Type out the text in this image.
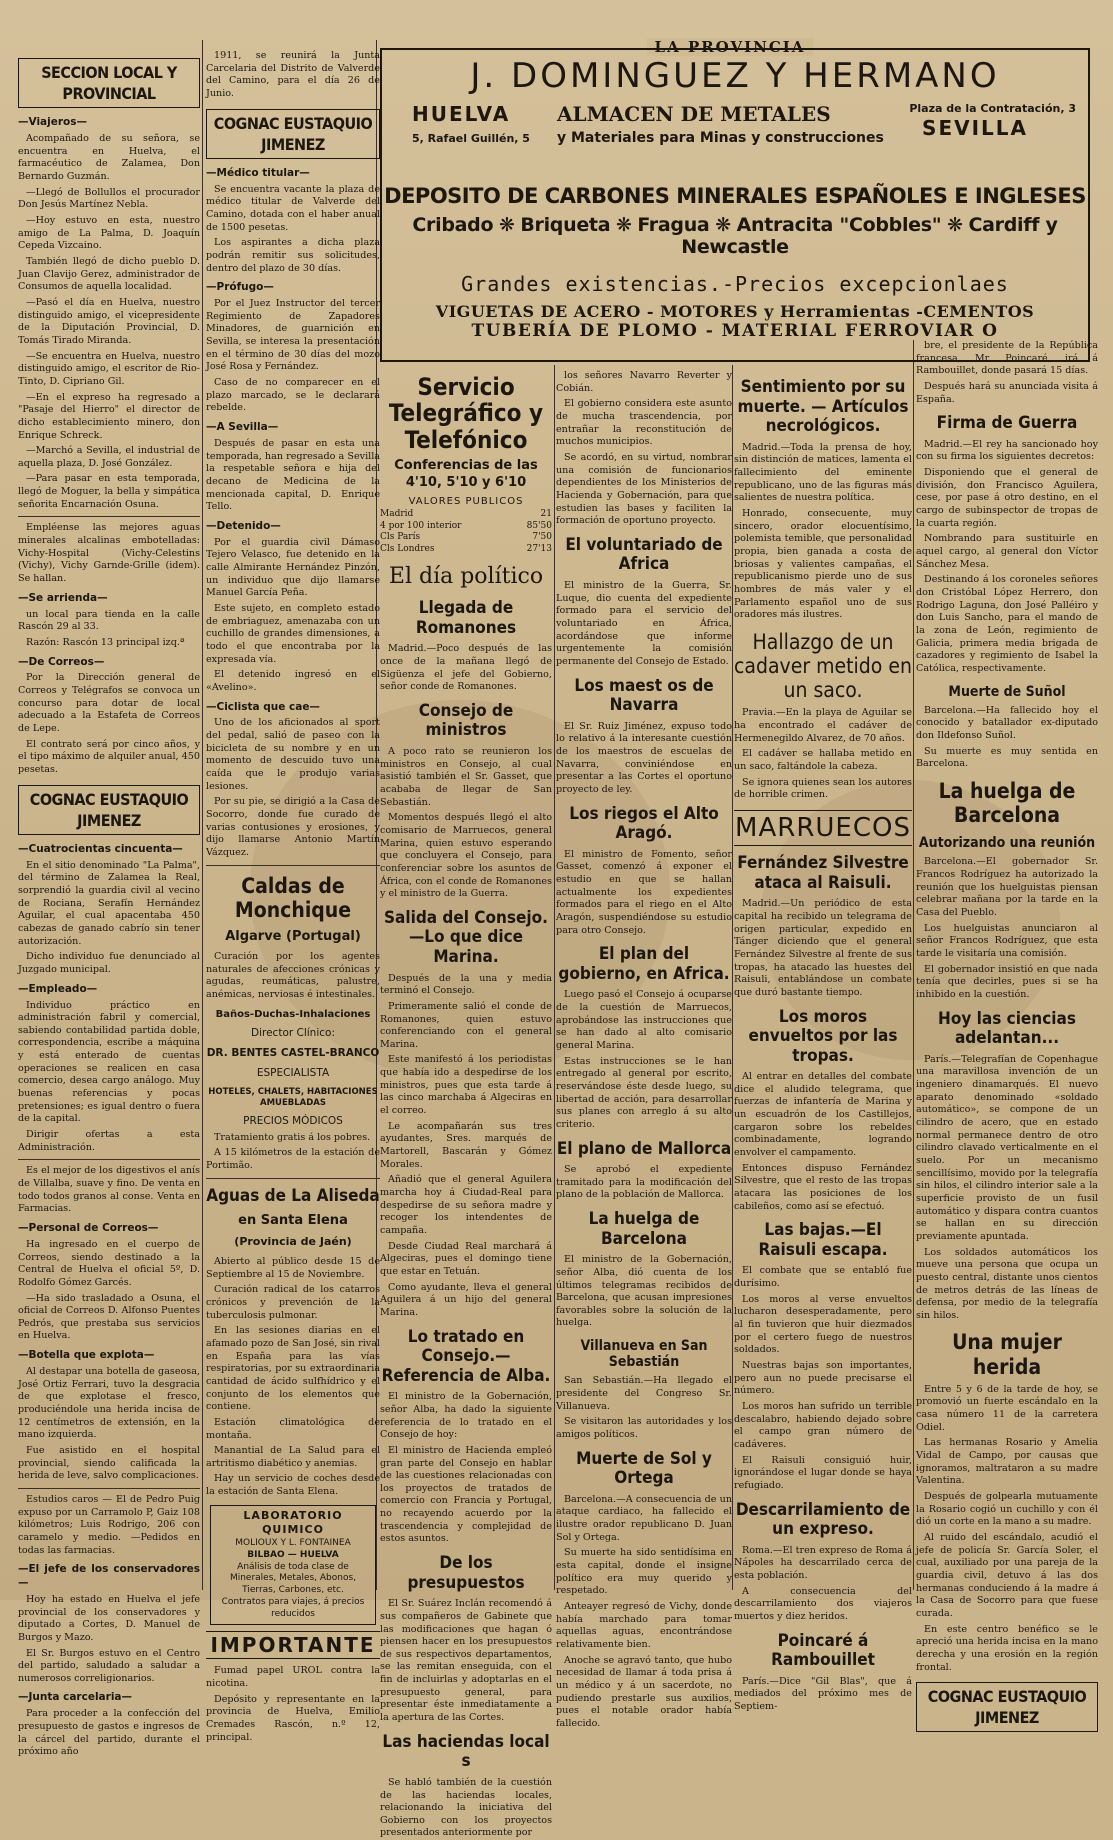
LA PROVINCIA
J. DOMINGUEZ Y HERMANO
HUELVA ALMACEN DE METALES	Plaza de la Contratación, 3
SEVILLA
5, Rafael Guillén, 5 y Materiales para Minas y construcciones
DEPOSITO DE CARBONES MINERALES ESPAÑOLES E INGLESES
Cribado ❋ Briqueta ❋ Fragua ❋ Antracita "Cobbles" ❋ Cardiff y Newcastle
Grandes existencias.-Precios excepcionlaes
VIGUETAS DE ACERO - MOTORES y Herramientas -CEMENTOS
TUBERÍA DE PLOMO - MATERIAL FERROVIAR O
SECCION LOCAL Y PROVINCIAL
—Viajeros—

Acompañado de su señora, se encuentra en Huelva, el farmacéutico de Zalamea, Don Bernardo Guzmán.

—Llegó de Bollullos el procurador Don Jesús Martínez Nebla.

—Hoy estuvo en esta, nuestro amigo de La Palma, D. Joaquín Cepeda Vizcaino.

También llegó de dicho pueblo D. Juan Clavijo Gerez, administrador de Consumos de aquella localidad.

—Pasó el día en Huelva, nuestro distinguido amigo, el vicepresidente de la Diputación Provincial, D. Tomás Tirado Miranda.

—Se encuentra en Huelva, nuestro distinguido amigo, el escritor de Rio-Tinto, D. Cipriano Gil.

—En el expreso ha regresado a "Pasaje del Hierro" el director de dicho establecimiento minero, don Enrique Schreck.

—Marchó a Sevilla, el industrial de aquella plaza, D. José González.

—Para pasar en esta temporada, llegó de Moguer, la bella y simpática señorita Encarnación Osuna.

Empléense las mejores aguas minerales alcalinas embotelladas: Vichy-Hospital (Vichy-Celestins (Vichy), Vichy Garnde-Grille (idem). Se hallan.

—Se arrienda—

un local para tienda en la calle Rascón 29 al 33.

Razón: Rascón 13 principal izq.ª

—De Correos—

Por la Dirección general de Correos y Telégrafos se convoca un concurso para dotar de local adecuado a la Estafeta de Correos de Lepe.

El contrato será por cinco años, y el tipo máximo de alquiler anual, 450 pesetas.

COGNAC EUSTAQUIO JIMENEZ
—Cuatrocientas cincuenta—

En el sitio denominado "La Palma", del término de Zalamea la Real, sorprendió la guardia civil al vecino de Rociana, Serafín Hernández Aguilar, el cual apacentaba 450 cabezas de ganado cabrío sin tener autorización.

Dicho individuo fue denunciado al Juzgado municipal.

—Empleado—

Individuo práctico en administración fabril y comercial, sabiendo contabilidad partida doble, correspondencia, escribe a máquina y está enterado de cuentas operaciones se realicen en casa comercio, desea cargo análogo. Muy buenas referencias y pocas pretensiones; es igual dentro o fuera de la capital.

Dirigir ofertas a esta Administración.

Es el mejor de los digestivos el anís de Villalba, suave y fino. De venta en todo todos granos al conse. Venta en Farmacias.

—Personal de Correos—

Ha ingresado en el cuerpo de Correos, siendo destinado a la Central de Huelva el oficial 5º, D. Rodolfo Gómez Garcés.

—Ha sido trasladado a Osuna, el oficial de Correos D. Alfonso Puentes Pedrós, que prestaba sus servicios en Huelva.

—Botella que explota—

Al destapar una botella de gaseosa, José Ortiz Ferrari, tuvo la desgracia de que explotase el fresco, produciéndole una herida incisa de 12 centímetros de extensión, en la mano izquierda.

Fue asistido en el hospital provincial, siendo calificada la herida de leve, salvo complicaciones.

Estudios caros — El de Pedro Puig expuso por un Carramolo P, Gaiz 108 kilómetros; Luis Rodrigo, 206 con caramelo y medio. —Pedidos en todas las farmacias.

—El jefe de los conservadores—

Hoy ha estado en Huelva el jefe provincial de los conservadores y diputado a Cortes, D. Manuel de Burgos y Mazo.

El Sr. Burgos estuvo en el Centro del partido, saludado a saludar a numerosos correligionarios.

—Junta carcelaria—

Para proceder a la confección del presupuesto de gastos e ingresos de la cárcel del partido, durante el próximo año

1911, se reunirá la Junta Carcelaria del Distrito de Valverde del Camino, para el día 26 de Junio.

COGNAC EUSTAQUIO JIMENEZ
—Médico titular—

Se encuentra vacante la plaza de médico titular de Valverde del Camino, dotada con el haber anual de 1500 pesetas.

Los aspirantes a dicha plaza podrán remitir sus solicitudes, dentro del plazo de 30 días.

—Prófugo—

Por el Juez Instructor del tercer Regimiento de Zapadores Minadores, de guarnición en Sevilla, se interesa la presentación en el término de 30 días del mozo José Rosa y Fernández.

Caso de no comparecer en el plazo marcado, se le declarará rebelde.

—A Sevilla—

Después de pasar en esta una temporada, han regresado a Sevilla la respetable señora e hija del decano de Medicina de la mencionada capital, D. Enrique Tello.

—Detenido—

Por el guardia civil Dámaso Tejero Velasco, fue detenido en la calle Almirante Hernández Pinzón, un individuo que dijo llamarse Manuel García Peña.

Este sujeto, en completo estado de embriaguez, amenazaba con un cuchillo de grandes dimensiones, a todo el que encontraba por la expresada vía.

El detenido ingresó en el «Avelino».

—Ciclista que cae—

Uno de los aficionados al sport del pedal, salió de paseo con la bicicleta de su nombre y en un momento de descuido tuvo una caída que le produjo varias lesiones.

Por su pie, se dirigió a la Casa de Socorro, donde fue curado de varias contusiones y erosiones, y dijo llamarse Antonio Martín Vázquez.

Caldas de Monchique
Algarve (Portugal)

Curación por los agentes naturales de afecciones crónicas y agudas, reumáticas, palustre, anémicas, nerviosas é intestinales.

Baños-Duchas-Inhalaciones
Director Clínico:
DR. BENTES CASTEL-BRANCO
ESPECIALISTA
HOTELES, CHALETS, HABITACIONES AMUEBLADAS
PRECIOS MÓDICOS

Tratamiento gratis á los pobres.

A 15 kilómetros de la estación de Portimão.

Aguas de La Aliseda
en Santa Elena
(Provincia de Jaén)

Abierto al público desde 15 de Septiembre al 15 de Noviembre.

Curación radical de los catarros crónicos y prevención de la tuberculosis pulmonar.

En las sesiones diarias en el afamado pozo de San José, sin rival en España para las vías respiratorias, por su extraordinaria cantidad de ácido sulfhídrico y el conjunto de los elementos que contiene.

Estación climatológica de montaña.

Manantial de La Salud para el artritismo diabético y anemias.

Hay un servicio de coches desde la estación de Santa Elena.

LABORATORIO QUIMICO
MOLIOUX Y L. FONTAINEA
BILBAO — HUELVA
Análisis de toda clase de Minerales, Metales, Abonos, Tierras, Carbones, etc.
Contratos para viajes, á precios reducidos
IMPORTANTE

Fumad papel UROL contra la nicotina.

Depósito y representante en la provincia de Huelva, Emilio Cremades Rascón, n.º 12, principal.

Servicio Telegráfico y Telefónico
Conferencias de las 4'10, 5'10 y 6'10
VALORES PUBLICOS
Madrid	21
4 por 100 interior	85'50
Cls París	7'50
Cls Londres	27'13
El día político
Llegada de Romanones

Madrid.—Poco después de las once de la mañana llegó de Sigüenza el jefe del Gobierno, señor conde de Romanones.

Consejo de ministros

A poco rato se reunieron los ministros en Consejo, al cual asistió también el Sr. Gasset, que acababa de llegar de San Sebastián.

Momentos después llegó el alto comisario de Marruecos, general Marina, quien estuvo esperando que concluyera el Consejo, para conferenciar sobre los asuntos de África, con el conde de Romanones y el ministro de la Guerra.

Salida del Consejo.—Lo que dice Marina.

Después de la una y media terminó el Consejo.

Primeramente salió el conde de Romanones, quien estuvo conferenciando con el general Marina.

Este manifestó á los periodistas que había ido a despedirse de los ministros, pues que esta tarde á las cinco marchaba á Algeciras en el correo.

Le acompañarán sus tres ayudantes, Sres. marqués de Martorell, Bascarán y Gómez Morales.

Añadió que el general Aguilera marcha hoy á Ciudad-Real para despedirse de su señora madre y recoger los intendentes de campaña.

Desde Ciudad Real marchará á Algeciras, pues el domingo tiene que estar en Tetuán.

Como ayudante, lleva el general Aguilera á un hijo del general Marina.

Lo tratado en Consejo.—Referencia de Alba.

El ministro de la Gobernación, señor Alba, ha dado la siguiente referencia de lo tratado en el Consejo de hoy:

El ministro de Hacienda empleó gran parte del Consejo en hablar de las cuestiones relacionadas con los proyectos de tratados de comercio con Francia y Portugal, no recayendo acuerdo por la trascendencia y complejidad de estos asuntos.

De los presupuestos

El Sr. Suárez Inclán recomendó á sus compañeros de Gabinete que las modificaciones que hagan ó piensen hacer en los presupuestos de sus respectivos departamentos, se las remitan enseguida, con el fin de incluirlas y adoptarlas en el presupuesto general, para presentar éste inmediatamente a la apertura de las Cortes.

Las haciendas local s

Se habló también de la cuestión de las haciendas locales, relacionando la iniciativa del Gobierno con los proyectos presentados anteriormente por

los señores Navarro Reverter y Cobián.

El gobierno considera este asunto de mucha trascendencia, por entrañar la reconstitución de muchos municipios.

Se acordó, en su virtud, nombrar una comisión de funcionarios dependientes de los Ministerios de Hacienda y Gobernación, para que estudien las bases y faciliten la formación de oportuno proyecto.

El voluntariado de Africa

El ministro de la Guerra, Sr. Luque, dio cuenta del expediente formado para el servicio del voluntariado en África, acordándose que informe urgentemente la comisión permanente del Consejo de Estado.

Los maest os de Navarra

El Sr. Ruiz Jiménez, expuso todo lo relativo á la interesante cuestión de los maestros de escuelas de Navarra, conviniéndose en presentar a las Cortes el oportuno proyecto de ley.

Los riegos el Alto Aragó.

El ministro de Fomento, señor Gasset, comenzó á exponer el estudio en que se hallan actualmente los expedientes formados para el riego en el Alto Aragón, suspendiéndose su estudio para otro Consejo.

El plan del gobierno, en Africa.

Luego pasó el Consejo á ocuparse de la cuestión de Marruecos, aprobándose las instrucciones que se han dado al alto comisario general Marina.

Estas instrucciones se le han entregado al general por escrito, reservándose éste desde luego, su libertad de acción, para desarrollar sus planes con arreglo á su alto criterio.

El plano de Mallorca

Se aprobó el expediente tramitado para la modificación del plano de la población de Mallorca.

La huelga de Barcelona

El ministro de la Gobernación, señor Alba, dió cuenta de los últimos telegramas recibidos de Barcelona, que acusan impresiones favorables sobre la solución de la huelga.

Villanueva en San Sebastián

San Sebastián.—Ha llegado el presidente del Congreso Sr. Villanueva.

Se visitaron las autoridades y los amigos políticos.

Muerte de Sol y Ortega

Barcelona.—A consecuencia de un ataque cardiaco, ha fallecido el ilustre orador republicano D. Juan Sol y Ortega.

Su muerte ha sido sentidísima en esta capital, donde el insigne político era muy querido y respetado.

Anteayer regresó de Vichy, donde había marchado para tomar aquellas aguas, encontrándose relativamente bien.

Anoche se agravó tanto, que hubo necesidad de llamar á toda prisa á un médico y á un sacerdote, no pudiendo prestarle sus auxilios, pues el notable orador había fallecido.

Sentimiento por su muerte. — Artículos necrológicos.

Madrid.—Toda la prensa de hoy, sin distinción de matices, lamenta el fallecimiento del eminente republicano, uno de las figuras más salientes de nuestra política.

Honrado, consecuente, muy sincero, orador elocuentísimo, polemista temible, que personalidad propia, bien ganada a costa de briosas y valientes campañas, el republicanismo pierde uno de sus hombres de más valer y el Parlamento español uno de sus oradores más ilustres.

Hallazgo de un cadaver metido en un saco.

Pravia.—En la playa de Aguilar se ha encontrado el cadáver de Hermenegildo Alvarez, de 70 años.

El cadáver se hallaba metido en un saco, faltándole la cabeza.

Se ignora quienes sean los autores de horrible crimen.

MARRUECOS
Fernández Silvestre ataca al Raisuli.

Madrid.—Un periódico de esta capital ha recibido un telegrama de origen particular, expedido en Tánger diciendo que el general Fernández Silvestre al frente de sus tropas, ha atacado las huestes del Raisuli, entablándose un combate que duró bastante tiempo.

Los moros envueltos por las tropas.

Al entrar en detalles del combate dice el aludido telegrama, que fuerzas de infantería de Marina y un escuadrón de los Castillejos, cargaron sobre los rebeldes combinadamente, logrando envolver el campamento.

Entonces dispuso Fernández Silvestre, que el resto de las tropas atacara las posiciones de los cabileños, como así se efectuó.

Las bajas.—El Raisuli escapa.

El combate que se entabló fue durísimo.

Los moros al verse envueltos lucharon desesperadamente, pero al fin tuvieron que huir diezmados por el certero fuego de nuestros soldados.

Nuestras bajas son importantes, pero aun no puede precisarse el número.

Los moros han sufrido un terrible descalabro, habiendo dejado sobre el campo gran número de cadáveres.

El Raisuli consiguió huir, ignorándose el lugar donde se haya refugiado.

Descarrilamiento de un expreso.

Roma.—El tren expreso de Roma á Nápoles ha descarrilado cerca de esta población.

A consecuencia del descarrilamiento dos viajeros muertos y diez heridos.

Poincaré á Rambouillet

París.—Dice "Gil Blas", que á mediados del próximo mes de Septiem-

bre, el presidente de la República francesa, Mr. Poincaré, irá á Rambouillet, donde pasará 15 días.

Después hará su anunciada visita á España.

Firma de Guerra

Madrid.—El rey ha sancionado hoy con su firma los siguientes decretos:

Disponiendo que el general de división, don Francisco Aguilera, cese, por pase á otro destino, en el cargo de subinspector de tropas de la cuarta región.

Nombrando para sustituirle en aquel cargo, al general don Víctor Sánchez Mesa.

Destinando á los coroneles señores don Cristóbal López Herrero, don Rodrigo Laguna, don José Palléiro y don Luis Sancho, para el mando de la zona de León, regimiento de Galicia, primera media brigada de cazadores y regimiento de Isabel la Católica, respectivamente.

Muerte de Suñol

Barcelona.—Ha fallecido hoy el conocido y batallador ex-diputado don Ildefonso Suñol.

Su muerte es muy sentida en Barcelona.

La huelga de Barcelona
Autorizando una reunión

Barcelona.—El gobernador Sr. Francos Rodríguez ha autorizado la reunión que los huelguistas piensan celebrar mañana por la tarde en la Casa del Pueblo.

Los huelguistas anunciaron al señor Francos Rodríguez, que esta tarde le visitaría una comisión.

El gobernador insistió en que nada tenía que decirles, pues si se ha inhibido en la cuestión.

Hoy las ciencias adelantan...

París.—Telegrafían de Copenhague una maravillosa invención de un ingeniero dinamarqués. El nuevo aparato denominado «soldado automático», se compone de un cilindro de acero, que en estado normal permanece dentro de otro cilindro clavado verticalmente en el suelo. Por un mecanismo sencillísimo, movido por la telegrafía sin hilos, el cilindro interior sale a la superficie provisto de un fusil automático y dispara contra cuantos se hallan en su dirección previamente apuntada.

Los soldados automáticos los mueve una persona que ocupa un puesto central, distante unos cientos de metros detrás de las líneas de defensa, por medio de la telegrafía sin hilos.

Una mujer herida

Entre 5 y 6 de la tarde de hoy, se promovió un fuerte escándalo en la casa número 11 de la carretera Odiel.

Las hermanas Rosario y Amelia Vidal de Campo, por causas que ignoramos, maltrataron a su madre Valentina.

Después de golpearla mutuamente la Rosario cogió un cuchillo y con él dió un corte en la mano a su madre.

Al ruido del escándalo, acudió el jefe de policía Sr. García Soler, el cual, auxiliado por una pareja de la guardia civil, detuvo á las dos hermanas conduciendo á la madre á la Casa de Socorro para que fuese curada.

En este centro benéfico se le apreció una herida incisa en la mano derecha y una erosión en la región frontal.

COGNAC EUSTAQUIO JIMENEZ
